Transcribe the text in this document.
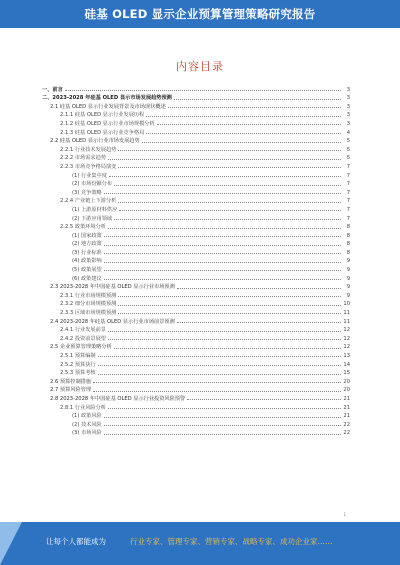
硅基 OLED 显示企业预算管理策略研究报告
内容目录
一、前言	3
二、2023-2028 年硅基 OLED 显示市场发展趋势预测	3
2.1 硅基 OLED 显示行业发展背景及市场现状概述	3
2.1.1 硅基 OLED 显示行业发展历程	3
2.1.2 硅基 OLED 显示行业市场规模分析	3
2.1.3 硅基 OLED 显示行业竞争格局	4
2.2 硅基 OLED 显示行业市场发展趋势	5
2.2.1 行业技术发展趋势	5
2.2.2 市场需求趋势	5
2.2.3 市场竞争格局演变	7
(1) 行业集中度	7
(2) 市场份额分布	7
(3) 竞争策略	7
2.2.4 产业链上下游分析	7
(1) 上游原材料供应	7
(2) 下游应用领域	7
2.2.5 政策环境分析	8
(1) 国家政策	8
(2) 地方政策	8
(3) 行业标准	8
(4) 政策影响	9
(5) 政策展望	9
(6) 政策建议	9
2.3 2023-2028 年中国硅基 OLED 显示行业市场预测	9
2.3.1 行业市场规模预测	9
2.3.2 细分市场规模预测	10
2.3.3 区域市场规模预测	11
2.4 2023-2028 年硅基 OLED 显示行业市场前景预测	11
2.4.1 行业发展前景	12
2.4.2 投资前景展望	12
2.5 企业预算管理策略分析	12
2.5.1 预算编制	13
2.5.2 预算执行	14
2.5.3 预算考核	15
2.6 预算控制措施	20
2.7 预算风险管理	20
2.8 2023-2028 年中国硅基 OLED 显示行业投资风险预警	21
2.8.1 行业风险分析	21
(1) 政策风险	21
(2) 技术风险	22
(3) 市场风险	22
1
让每个人都能成为	行业专家、管理专家、营销专家、战略专家、成功企业家……
